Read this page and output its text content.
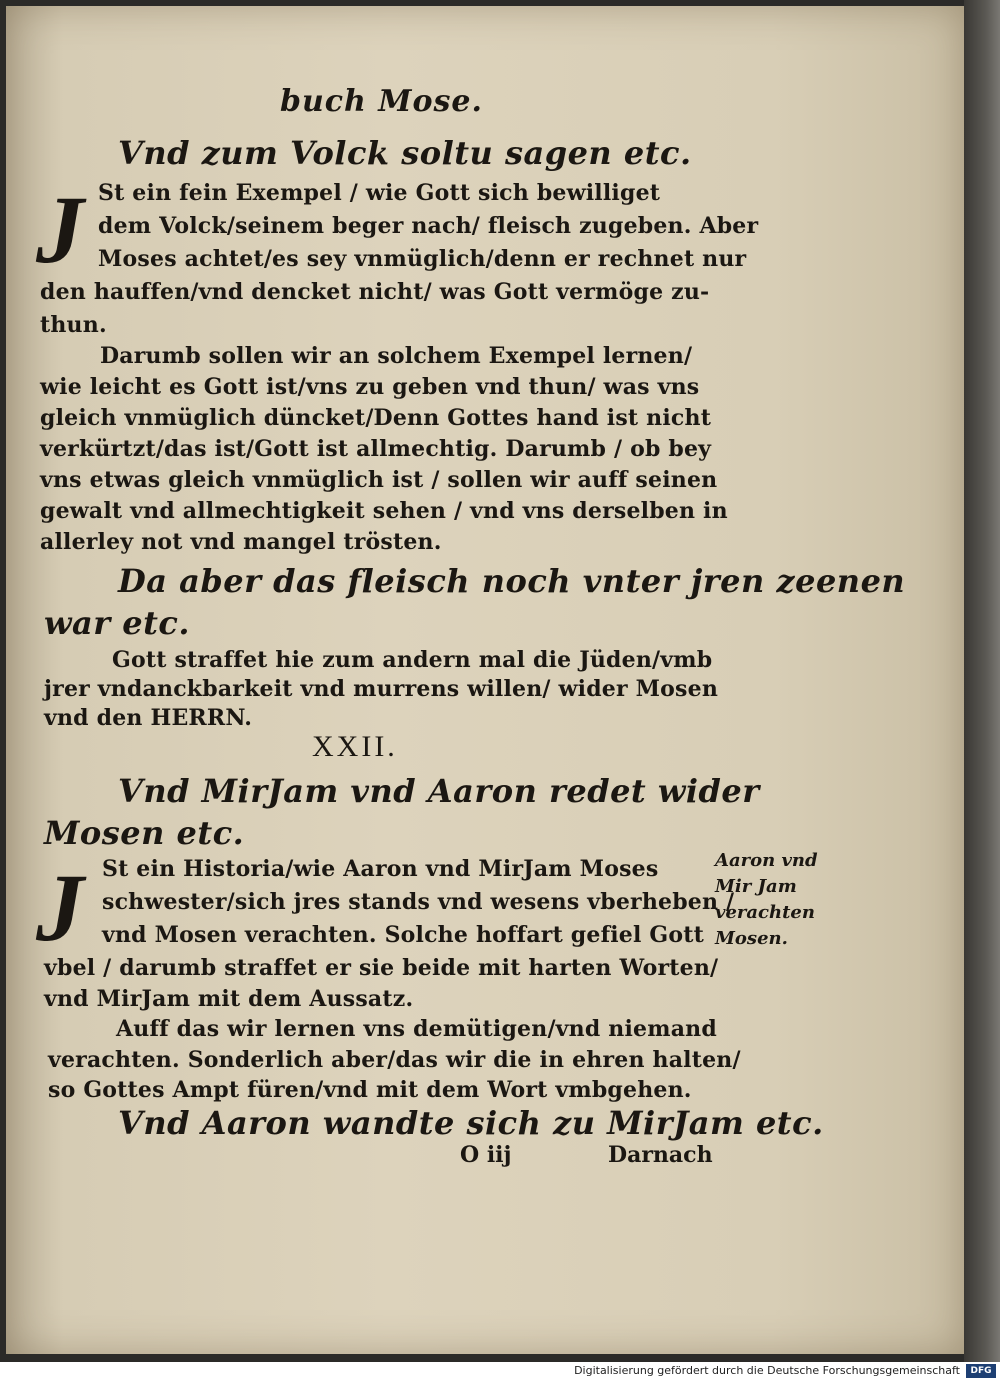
buch Mose.
Vnd zum Volck soltu sagen etc.
J St ein fein Exempel / wie Gott sich bewilliget
dem Volck/seinem beger nach/ fleisch zugeben. Aber
Moses achtet/es sey vnmüglich/denn er rechnet nur
den hauffen/vnd dencket nicht/ was Gott vermöge zu-
thun.
Darumb sollen wir an solchem Exempel lernen/
wie leicht es Gott ist/vns zu geben vnd thun/ was vns
gleich vnmüglich düncket/Denn Gottes hand ist nicht
verkürtzt/das ist/Gott ist allmechtig. Darumb / ob bey
vns etwas gleich vnmüglich ist / sollen wir auff seinen
gewalt vnd allmechtigkeit sehen / vnd vns derselben in
allerley not vnd mangel trösten.
Da aber das fleisch noch vnter jren zeenen
war etc.
Gott straffet hie zum andern mal die Jüden/vmb
jrer vndanckbarkeit vnd murrens willen/ wider Mosen
vnd den HERRN.
XXII.
Vnd MirJam vnd Aaron redet wider
Mosen etc.
J St ein Historia/wie Aaron vnd MirJam Moses
schwester/sich jres stands vnd wesens vberheben /
vnd Mosen verachten. Solche hoffart gefiel Gott
vbel / darumb straffet er sie beide mit harten Worten/
vnd MirJam mit dem Aussatz.
Auff das wir lernen vns demütigen/vnd niemand
verachten. Sonderlich aber/das wir die in ehren halten/
so Gottes Ampt füren/vnd mit dem Wort vmbgehen.
Vnd Aaron wandte sich zu MirJam etc.
Aaron vnd
Mir Jam
verachten
Mosen.
O iij	Darnach
Digitalisierung gefördert durch die Deutsche Forschungsgemeinschaft	DFG
